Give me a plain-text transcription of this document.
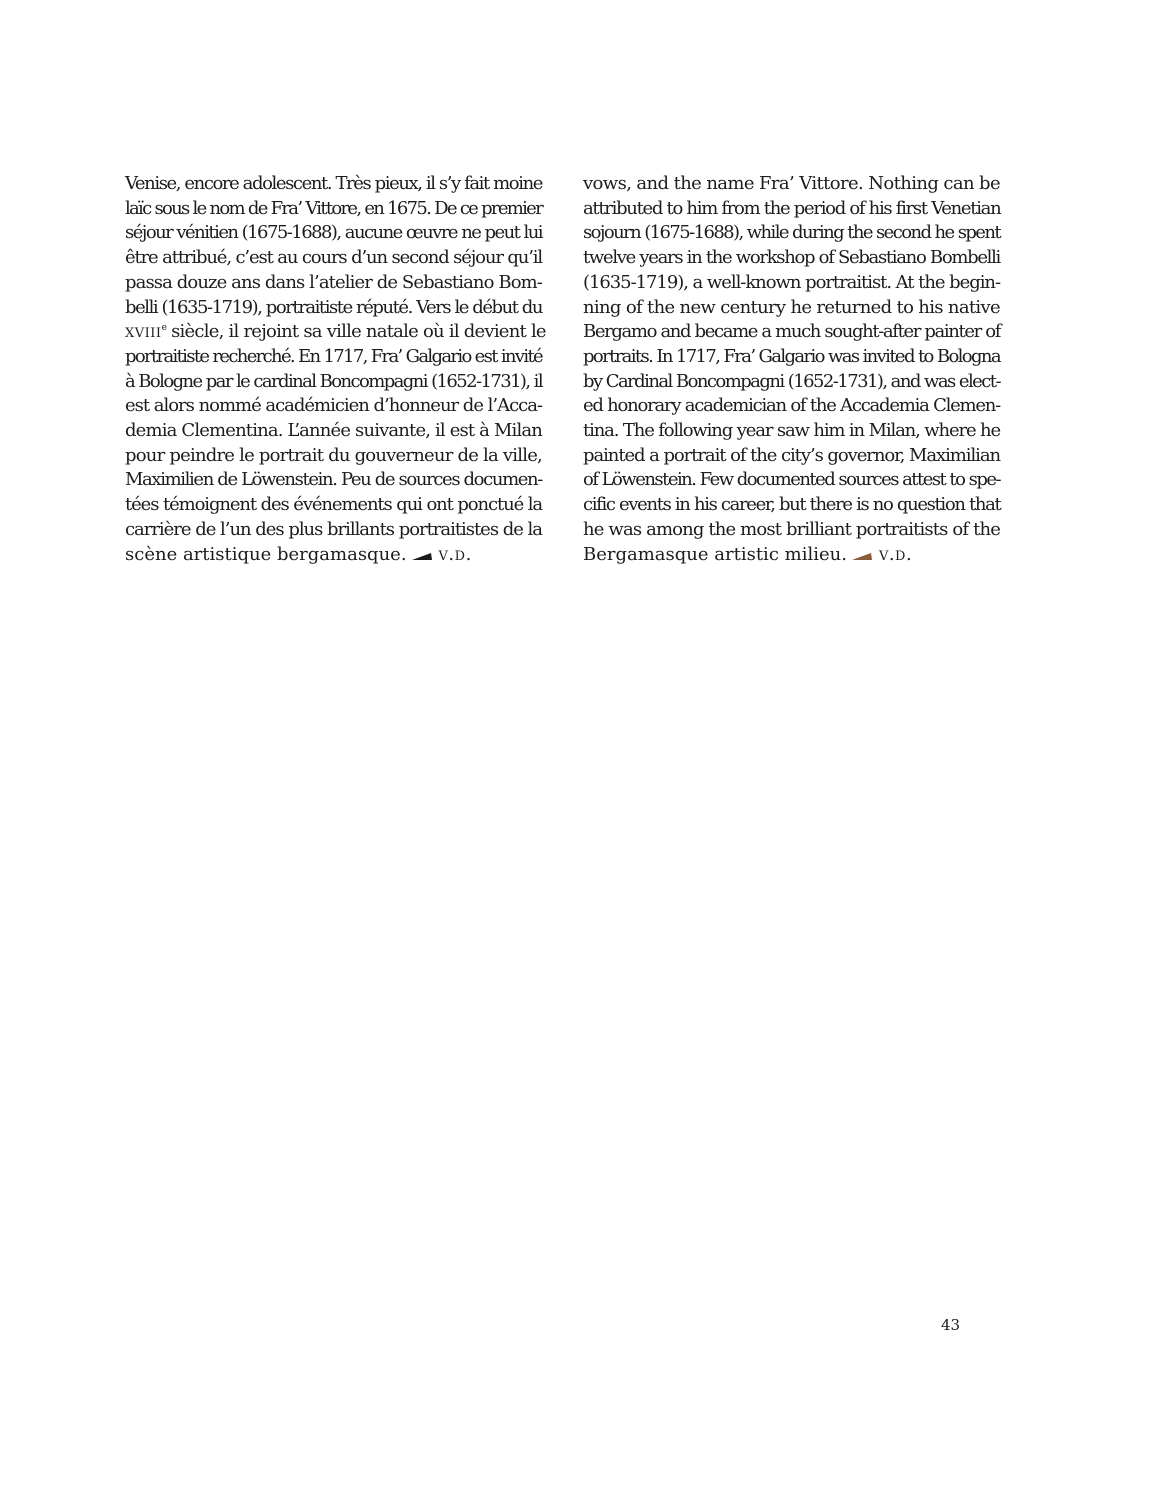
Venise, encore adolescent. Très pieux, il s’y fait moine
laïc sous le nom de Fra’ Vittore, en 1675. De ce premier
séjour vénitien (1675-1688), aucune œuvre ne peut lui
être attribué, c’est au cours d’un second séjour qu’il
passa douze ans dans l’atelier de Sebastiano Bom-
belli (1635-1719), portraitiste réputé. Vers le début du
xviii$^e$ siècle, il rejoint sa ville natale où il devient le
portraitiste recherché. En 1717, Fra’ Galgario est invité
à Bologne par le cardinal Boncompagni (1652-1731), il
est alors nommé académicien d’honneur de l’Acca-
demia Clementina. L’année suivante, il est à Milan
pour peindre le portrait du gouverneur de la ville,
Maximilien de Löwenstein. Peu de sources documen-
tées témoignent des événements qui ont ponctué la
carrière de l’un des plus brillants portraitistes de la
scène artistique bergamasque. v.d.
vows, and the name Fra’ Vittore. Nothing can be
attributed to him from the period of his first Venetian
sojourn (1675-1688), while during the second he spent
twelve years in the workshop of Sebastiano Bombelli
(1635-1719), a well-known portraitist. At the begin-
ning of the new century he returned to his native
Bergamo and became a much sought-after painter of
portraits. In 1717, Fra’ Galgario was invited to Bologna
by Cardinal Boncompagni (1652-1731), and was elect-
ed honorary academician of the Accademia Clemen-
tina. The following year saw him in Milan, where he
painted a portrait of the city’s governor, Maximilian
of Löwenstein. Few documented sources attest to spe-
cific events in his career, but there is no question that
he was among the most brilliant portraitists of the
Bergamasque artistic milieu. v.d.
43
